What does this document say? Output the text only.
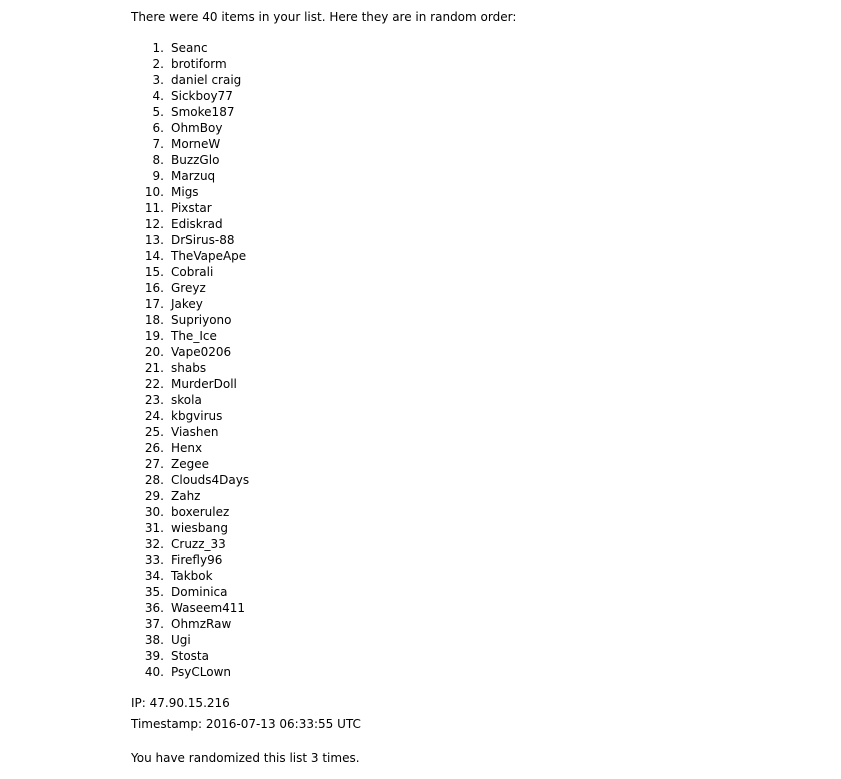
There were 40 items in your list. Here they are in random order:
1. Seanc
2. brotiform
3. daniel craig
4. Sickboy77
5. Smoke187
6. OhmBoy
7. MorneW
8. BuzzGlo
9. Marzuq
10. Migs
11. Pixstar
12. Ediskrad
13. DrSirus-88
14. TheVapeApe
15. Cobrali
16. Greyz
17. Jakey
18. Supriyono
19. The_Ice
20. Vape0206
21. shabs
22. MurderDoll
23. skola
24. kbgvirus
25. Viashen
26. Henx
27. Zegee
28. Clouds4Days
29. Zahz
30. boxerulez
31. wiesbang
32. Cruzz_33
33. Firefly96
34. Takbok
35. Dominica
36. Waseem411
37. OhmzRaw
38. Ugi
39. Stosta
40. PsyCLown
IP: 47.90.15.216
Timestamp: 2016-07-13 06:33:55 UTC
You have randomized this list 3 times.
